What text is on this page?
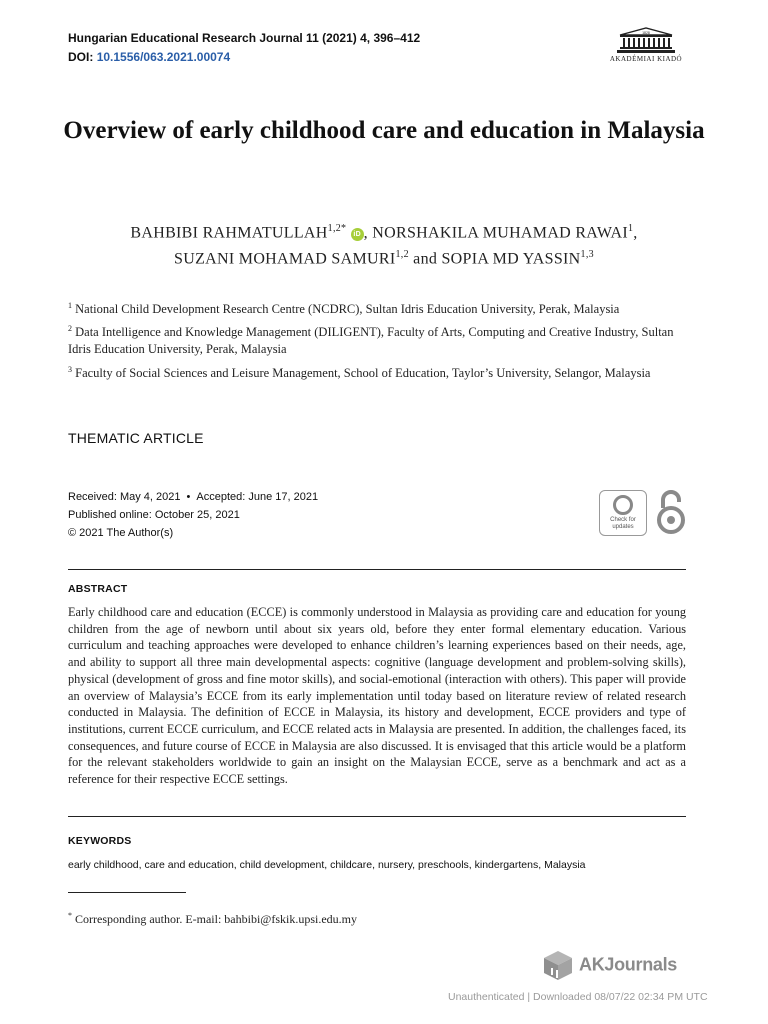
Hungarian Educational Research Journal 11 (2021) 4, 396–412
DOI: 10.1556/063.2021.00074
1828
AKADÉMIAI KIADÓ
Overview of early childhood care and education in Malaysia
BAHBIBI $RAHMATULLAH^{1,2*}$ iD , NORSHAKILA MUHAMAD RAWAI$^1$,
SUZANI MOHAMAD SAMURI$^{1,2}$ and SOPIA MD YASSIN$^{1,3}$
$^1$ National Child Development Research Centre (NCDRC), Sultan Idris Education University, Perak, Malaysia
$^2$ Data Intelligence and Knowledge Management (DILIGENT), Faculty of Arts, Computing and Creative Industry, Sultan Idris Education University, Perak, Malaysia
$^3$ Faculty of Social Sciences and Leisure Management, School of Education, Taylor’s University, Selangor, Malaysia
THEMATIC ARTICLE
Received: May 4, 2021 • Accepted: June 17, 2021
Published online: October 25, 2021
© 2021 The Author(s)
Check for
updates
ABSTRACT
Early childhood care and education (ECCE) is commonly understood in Malaysia as providing care and education for young children from the age of newborn until about six years old, before they enter formal elementary education. Various curriculum and teaching approaches were developed to enhance children’s learning experiences based on their needs, age, and ability to support all three main developmental aspects: cognitive (language development and problem-solving skills), physical (development of gross and fine motor skills), and social-emotional (interaction with others). This paper will provide an overview of Malaysia’s ECCE from its early implementation until today based on literature review of related research conducted in Malaysia. The definition of ECCE in Malaysia, its history and development, ECCE providers and type of institutions, current ECCE curriculum, and ECCE related acts in Malaysia are presented. In addition, the challenges faced, its consequences, and future course of ECCE in Malaysia are also discussed. It is envisaged that this article would be a platform for the relevant stakeholders worldwide to gain an insight on the Malaysian ECCE, serve as a benchmark and act as a reference for their respective ECCE settings.
KEYWORDS
early childhood, care and education, child development, childcare, nursery, preschools, kindergartens, Malaysia
* Corresponding author. E-mail: bahbibi@fskik.upsi.edu.my
AKJournals
Unauthenticated | Downloaded 08/07/22 02:34 PM UTC
